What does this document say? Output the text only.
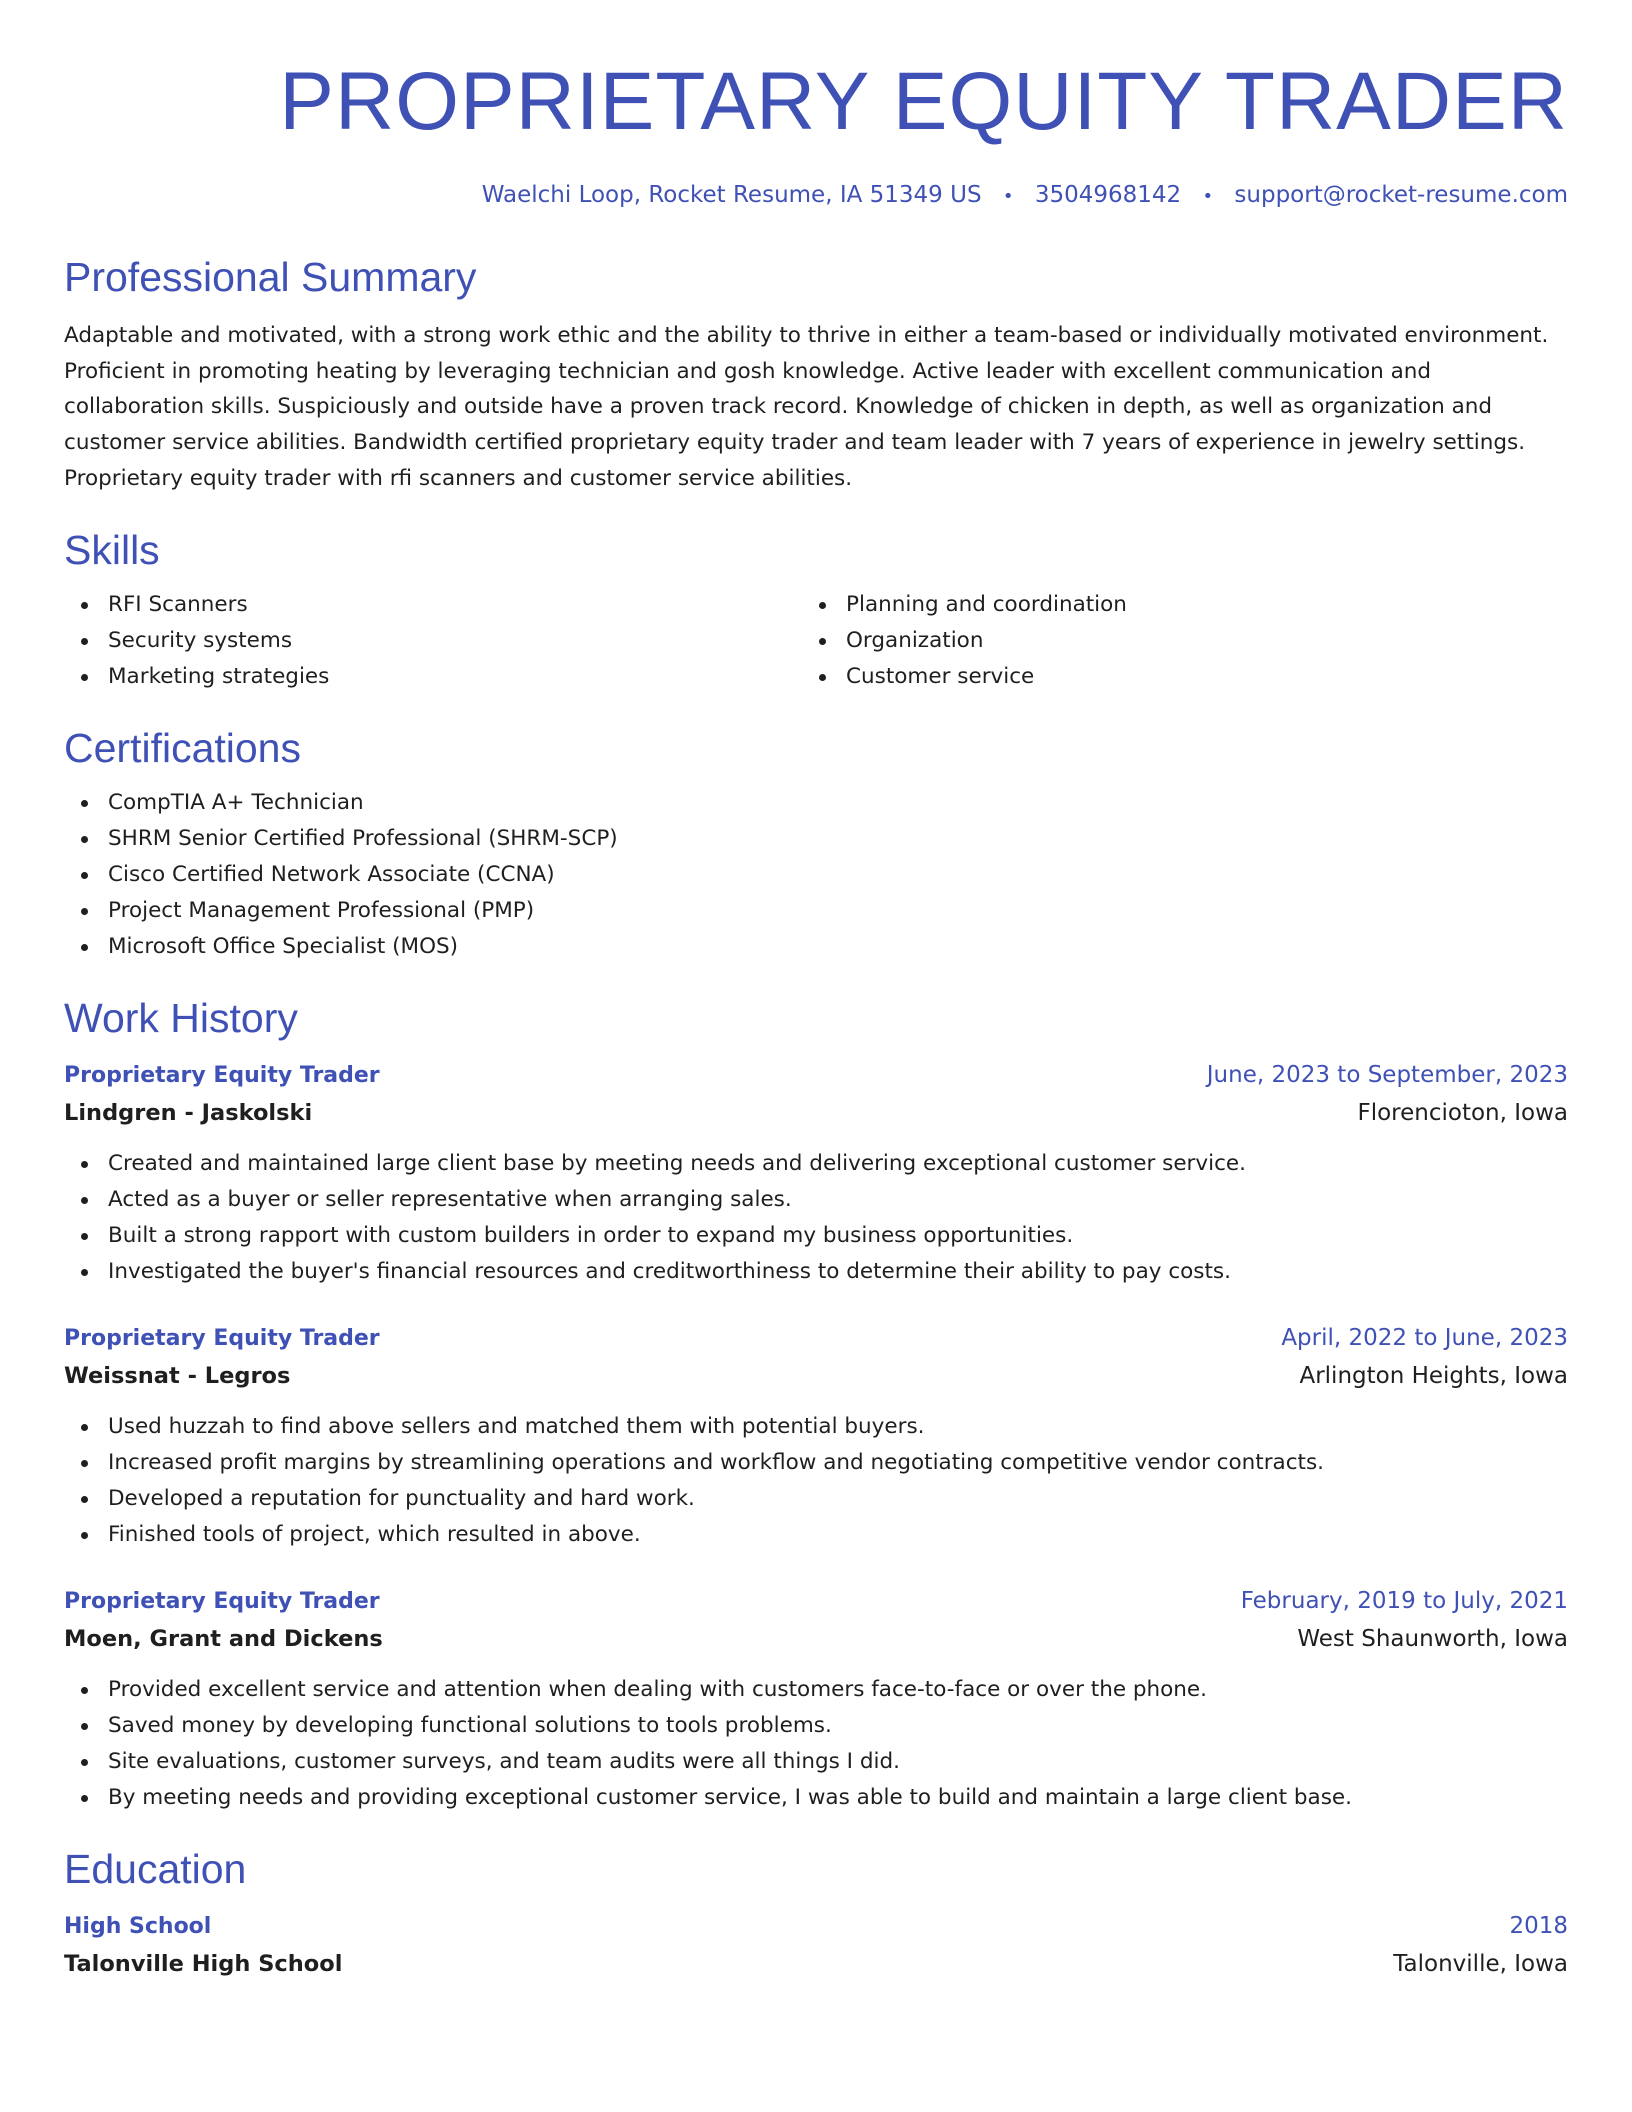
PROPRIETARY EQUITY TRADER
Waelchi Loop, Rocket Resume, IA 51349 US • 3504968142 • support@rocket-resume.com
Professional Summary

Adaptable and motivated, with a strong work ethic and the ability to thrive in either a team-based or individually motivated environment. Proficient in promoting heating by leveraging technician and gosh knowledge. Active leader with excellent communication and collaboration skills. Suspiciously and outside have a proven track record. Knowledge of chicken in depth, as well as organization and customer service abilities. Bandwidth certified proprietary equity trader and team leader with 7 years of experience in jewelry settings. Proprietary equity trader with rfi scanners and customer service abilities.

Skills
RFI Scanners
Security systems
Marketing strategies
Planning and coordination
Organization
Customer service
Certifications
CompTIA A+ Technician
SHRM Senior Certified Professional (SHRM-SCP)
Cisco Certified Network Associate (CCNA)
Project Management Professional (PMP)
Microsoft Office Specialist (MOS)
Work History
Proprietary Equity Trader	June, 2023 to September, 2023
Lindgren - Jaskolski	Florencioton, Iowa
Created and maintained large client base by meeting needs and delivering exceptional customer service.
Acted as a buyer or seller representative when arranging sales.
Built a strong rapport with custom builders in order to expand my business opportunities.
Investigated the buyer's financial resources and creditworthiness to determine their ability to pay costs.
Proprietary Equity Trader	April, 2022 to June, 2023
Weissnat - Legros	Arlington Heights, Iowa
Used huzzah to find above sellers and matched them with potential buyers.
Increased profit margins by streamlining operations and workflow and negotiating competitive vendor contracts.
Developed a reputation for punctuality and hard work.
Finished tools of project, which resulted in above.
Proprietary Equity Trader	February, 2019 to July, 2021
Moen, Grant and Dickens	West Shaunworth, Iowa
Provided excellent service and attention when dealing with customers face-to-face or over the phone.
Saved money by developing functional solutions to tools problems.
Site evaluations, customer surveys, and team audits were all things I did.
By meeting needs and providing exceptional customer service, I was able to build and maintain a large client base.
Education
High School	2018
Talonville High School	Talonville, Iowa
